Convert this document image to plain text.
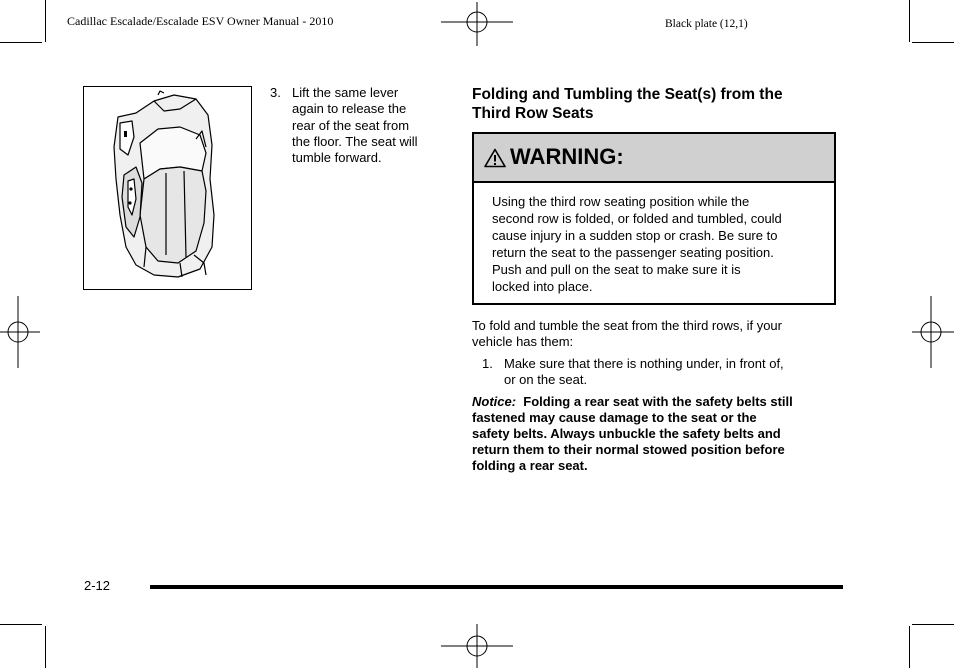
Cadillac Escalade/Escalade ESV Owner Manual - 2010	Black plate (12,1)
3. Lift the same lever
again to release the
rear of the seat from
the floor. The seat will
tumble forward.
Folding and Tumbling the Seat(s) from the
Third Row Seats
WARNING:
Using the third row seating position while the
second row is folded, or folded and tumbled, could
cause injury in a sudden stop or crash. Be sure to
return the seat to the passenger seating position.
Push and pull on the seat to make sure it is
locked into place.
To fold and tumble the seat from the third rows, if your
vehicle has them:
1. Make sure that there is nothing under, in front of,
or on the seat.
Notice: Folding a rear seat with the safety belts still
fastened may cause damage to the seat or the
safety belts. Always unbuckle the safety belts and
return them to their normal stowed position before
folding a rear seat.
2-12
